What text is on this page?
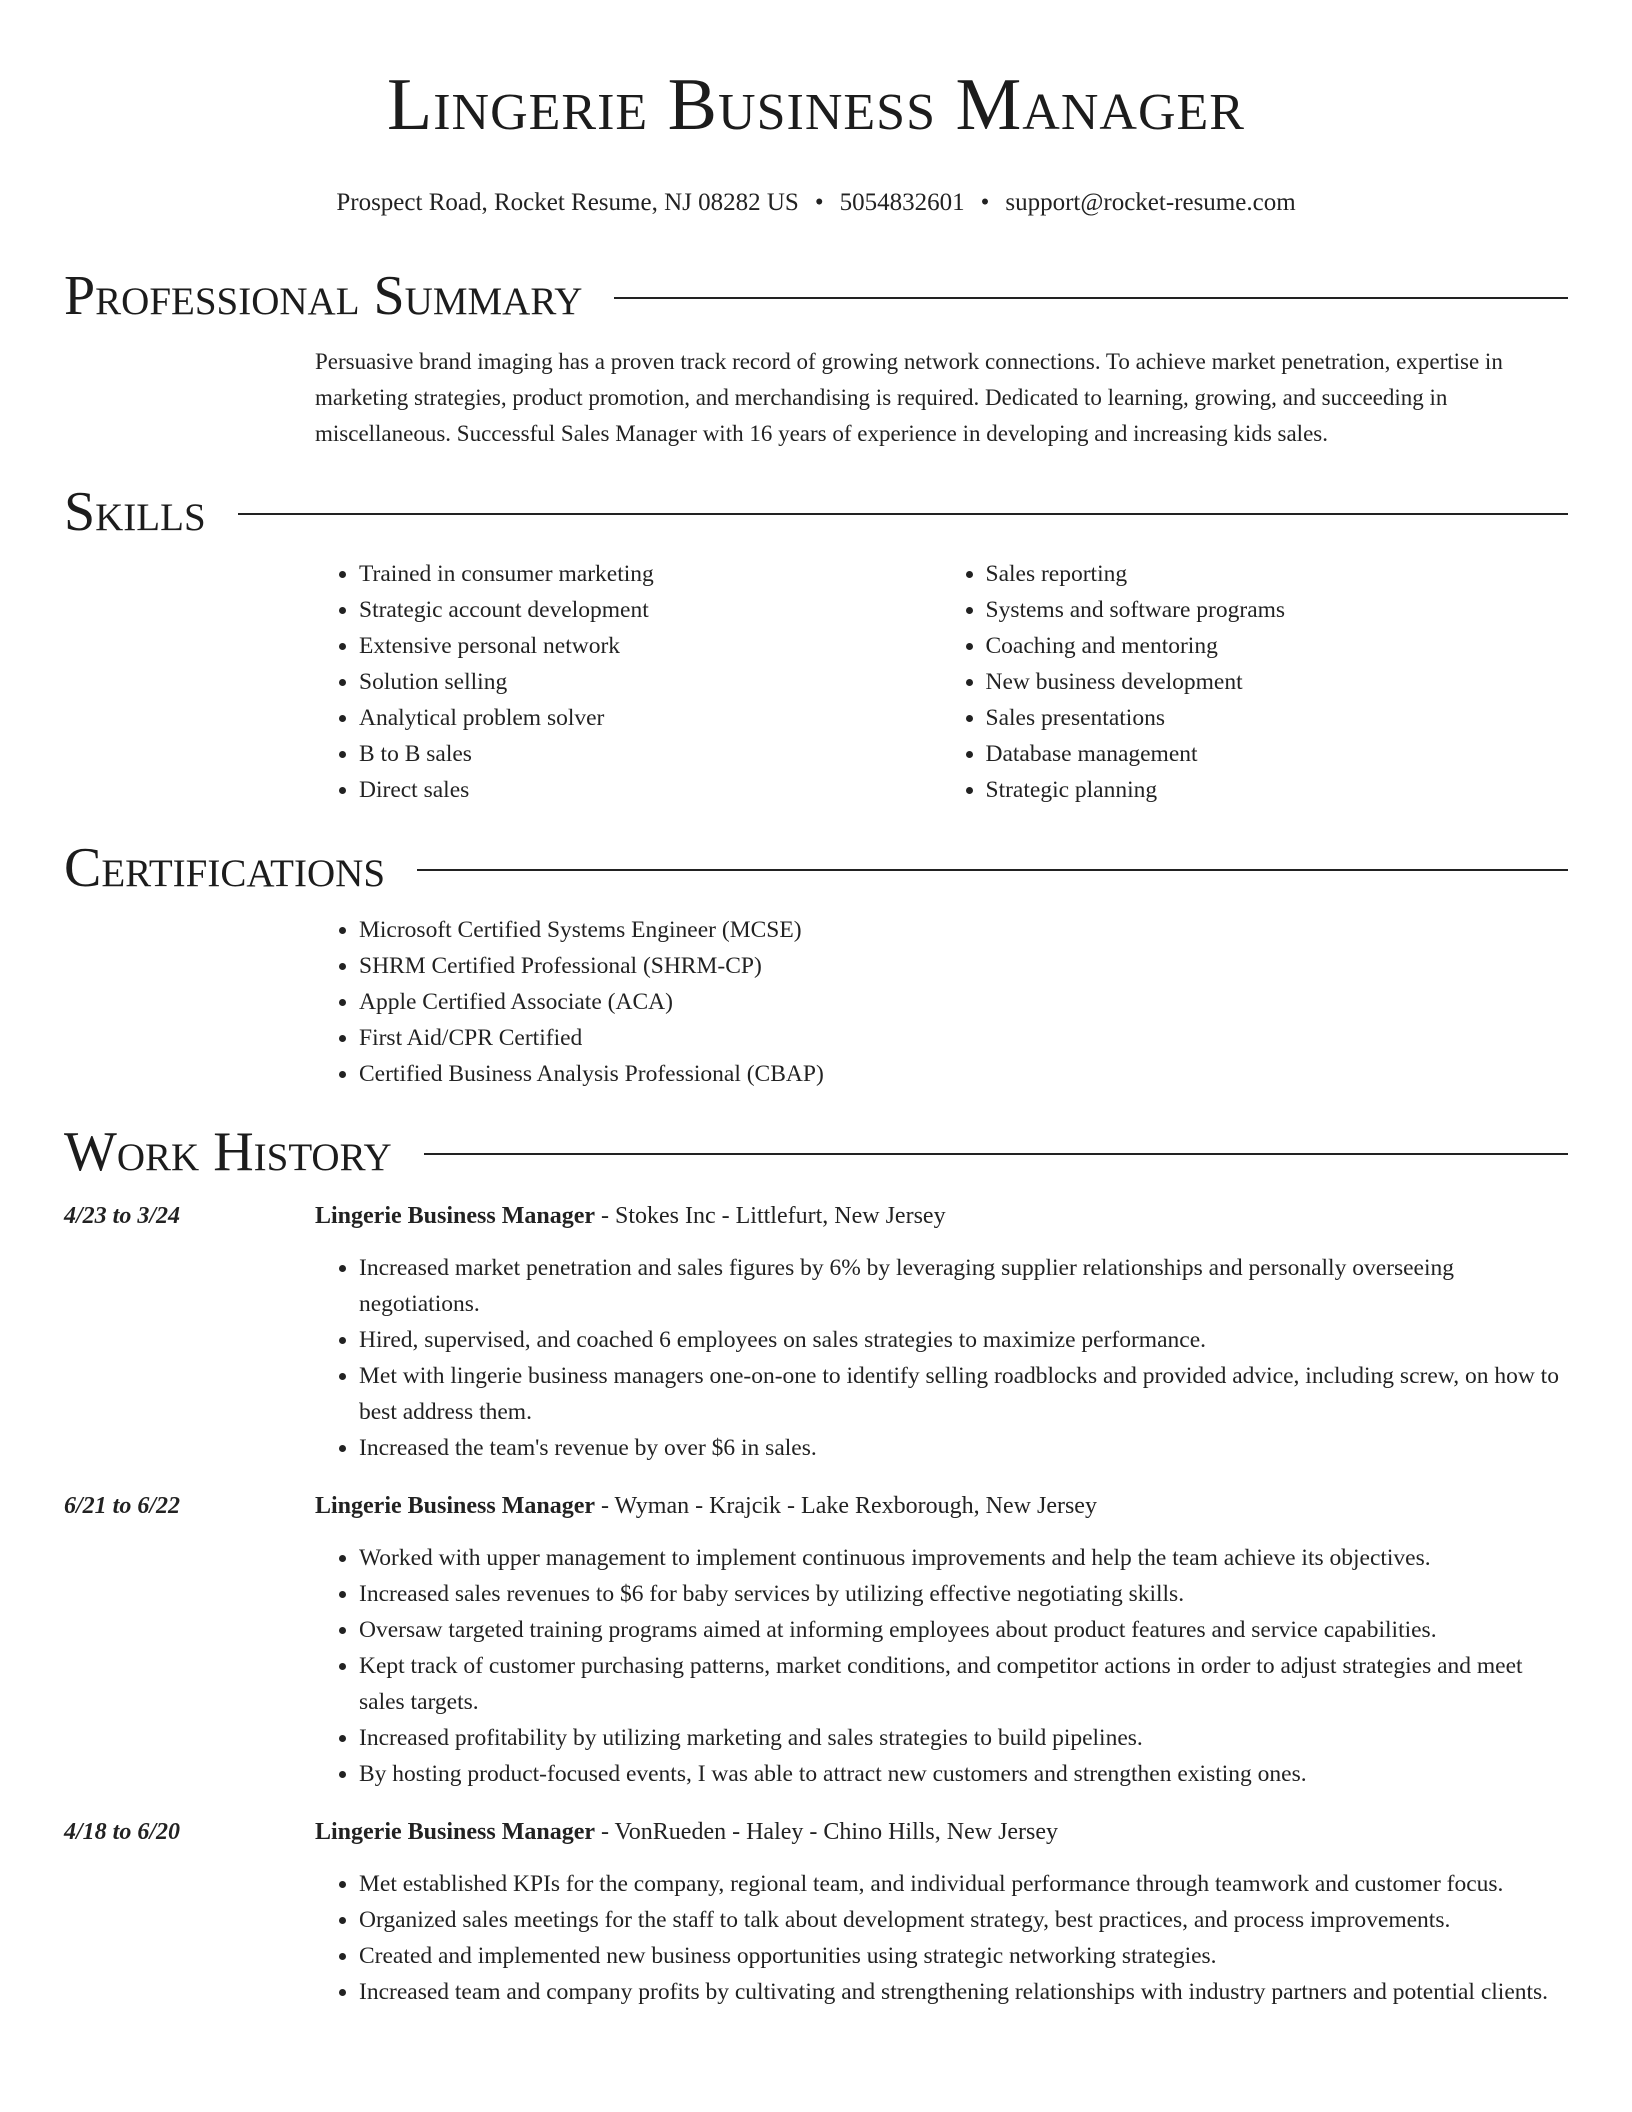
Lingerie Business Manager
Prospect Road, Rocket Resume, NJ 08282 US • 5054832601 • support@rocket-resume.com
Professional Summary
Persuasive brand imaging has a proven track record of growing network connections. To achieve market penetration, expertise in marketing strategies, product promotion, and merchandising is required. Dedicated to learning, growing, and succeeding in miscellaneous. Successful Sales Manager with 16 years of experience in developing and increasing kids sales.
Skills
• Trained in consumer marketing
• Strategic account development
• Extensive personal network
• Solution selling
• Analytical problem solver
• B to B sales
• Direct sales
• Sales reporting
• Systems and software programs
• Coaching and mentoring
• New business development
• Sales presentations
• Database management
• Strategic planning
Certifications
• Microsoft Certified Systems Engineer (MCSE)
• SHRM Certified Professional (SHRM-CP)
• Apple Certified Associate (ACA)
• First Aid/CPR Certified
• Certified Business Analysis Professional (CBAP)
Work History
4/23 to 3/24	Lingerie Business Manager - Stokes Inc - Littlefurt, New Jersey
• Increased market penetration and sales figures by 6% by leveraging supplier relationships and personally overseeing negotiations.
• Hired, supervised, and coached 6 employees on sales strategies to maximize performance.
• Met with lingerie business managers one-on-one to identify selling roadblocks and provided advice, including screw, on how to best address them.
• Increased the team's revenue by over $6 in sales.
6/21 to 6/22	Lingerie Business Manager - Wyman - Krajcik - Lake Rexborough, New Jersey
• Worked with upper management to implement continuous improvements and help the team achieve its objectives.
• Increased sales revenues to $6 for baby services by utilizing effective negotiating skills.
• Oversaw targeted training programs aimed at informing employees about product features and service capabilities.
• Kept track of customer purchasing patterns, market conditions, and competitor actions in order to adjust strategies and meet sales targets.
• Increased profitability by utilizing marketing and sales strategies to build pipelines.
• By hosting product-focused events, I was able to attract new customers and strengthen existing ones.
4/18 to 6/20	Lingerie Business Manager - VonRueden - Haley - Chino Hills, New Jersey
• Met established KPIs for the company, regional team, and individual performance through teamwork and customer focus.
• Organized sales meetings for the staff to talk about development strategy, best practices, and process improvements.
• Created and implemented new business opportunities using strategic networking strategies.
• Increased team and company profits by cultivating and strengthening relationships with industry partners and potential clients.
